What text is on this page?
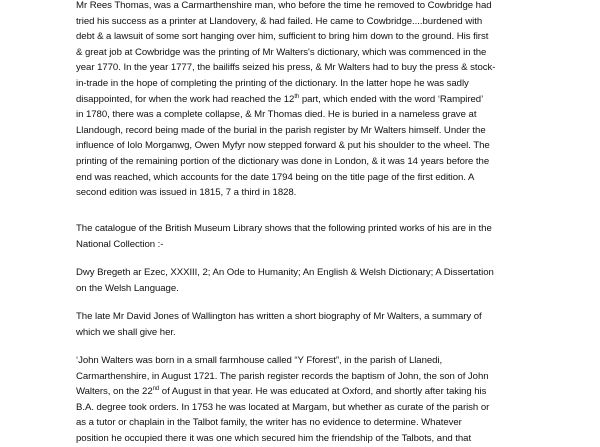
Mr Rees Thomas, was a Carmarthenshire man, who before the time he removed to Cowbridge had
tried his success as a printer at Llandovery, & had failed. He came to Cowbridge....burdened with
debt & a lawsuit of some sort hanging over him, sufficient to bring him down to the ground. His first
& great job at Cowbridge was the printing of Mr Walters's dictionary, which was commenced in the
year 1770. In the year 1777, the bailiffs seized his press, & Mr Walters had to buy the press & stock-
in-trade in the hope of completing the printing of the dictionary. In the latter hope he was sadly
disappointed, for when the work had reached the 12th part, which ended with the word ‘Rampired’
in 1780, there was a complete collapse, & Mr Thomas died. He is buried in a nameless grave at
Llandough, record being made of the burial in the parish register by Mr Walters himself. Under the
influence of Iolo Morganwg, Owen Myfyr now stepped forward & put his shoulder to the wheel. The
printing of the remaining portion of the dictionary was done in London, & it was 14 years before the
end was reached, which accounts for the date 1794 being on the title page of the first edition. A
second edition was issued in 1815, 7 a third in 1828.
The catalogue of the British Museum Library shows that the following printed works of his are in the
National Collection :-
Dwy Bregeth ar Ezec, XXXIII, 2; An Ode to Humanity; An English & Welsh Dictionary; A Dissertation
on the Welsh Language.
The late Mr David Jones of Wallington has written a short biography of Mr Walters, a summary of
which we shall give her.
‘John Walters was born in a small farmhouse called “Y Fforest”, in the parish of Llanedi,
Carmarthenshire, in August 1721. The parish register records the baptism of John, the son of John
Walters, on the 22nd of August in that year. He was educated at Oxford, and shortly after taking his
B.A. degree took orders. In 1753 he was located at Margam, but whether as curate of the parish or
as a tutor or chaplain in the Talbot family, the writer has no evidence to determine. Whatever
position he occupied there it was one which secured him the friendship of the Talbots, and that
